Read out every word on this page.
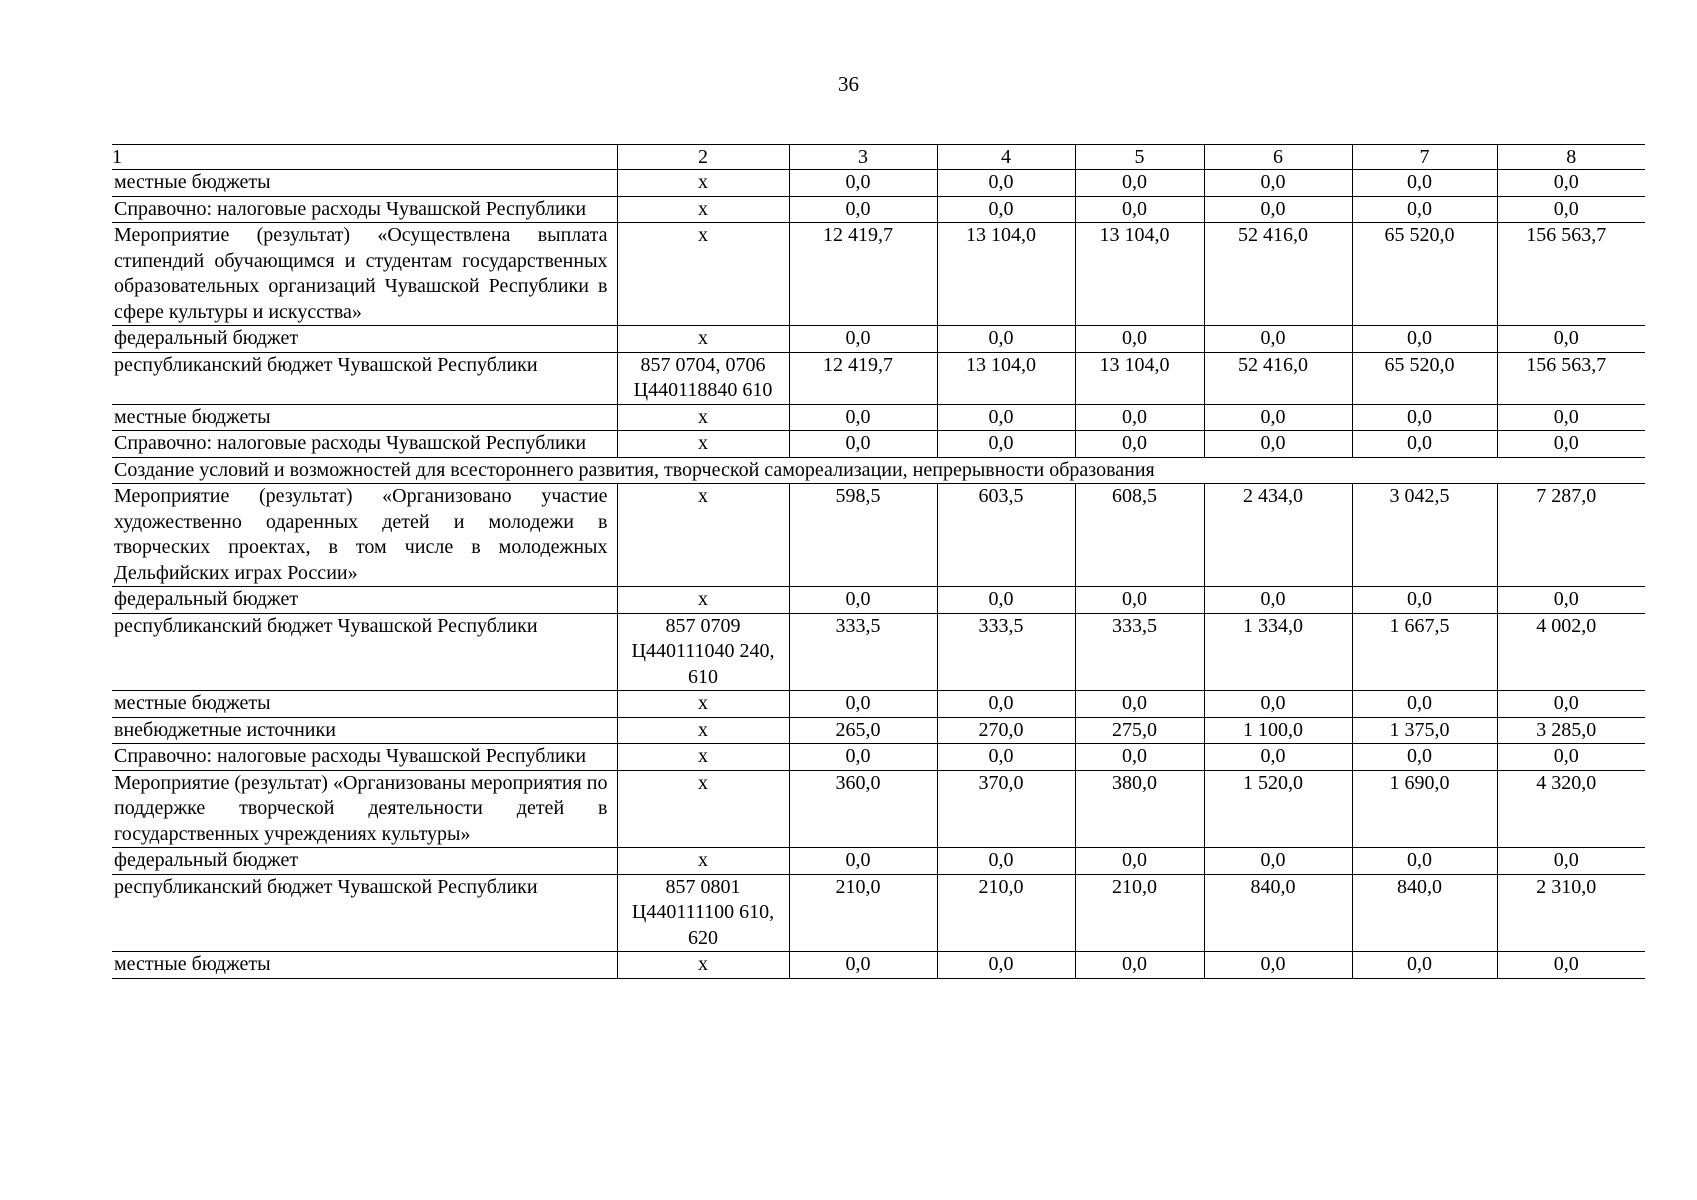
36
1	2	3	4	5	6	7	8
местные бюджеты	х	0,0	0,0	0,0	0,0	0,0	0,0
Справочно: налоговые расходы Чувашской Республики	х	0,0	0,0	0,0	0,0	0,0	0,0
Мероприятие (результат) «Осуществлена выплата стипендий обучающимся и студентам государственных образовательных организаций Чувашской Республики в сфере культуры и искусства»	х	12 419,7	13 104,0	13 104,0	52 416,0	65 520,0	156 563,7
федеральный бюджет	х	0,0	0,0	0,0	0,0	0,0	0,0
республиканский бюджет Чувашской Республики	857 0704, 0706 Ц440118840 610	12 419,7	13 104,0	13 104,0	52 416,0	65 520,0	156 563,7
местные бюджеты	х	0,0	0,0	0,0	0,0	0,0	0,0
Справочно: налоговые расходы Чувашской Республики	х	0,0	0,0	0,0	0,0	0,0	0,0
Создание условий и возможностей для всестороннего развития, творческой самореализации, непрерывности образования							
Мероприятие (результат) «Организовано участие художественно одаренных детей и молодежи в творческих проектах, в том числе в молодежных Дельфийских играх России»	х	598,5	603,5	608,5	2 434,0	3 042,5	7 287,0
федеральный бюджет	х	0,0	0,0	0,0	0,0	0,0	0,0
республиканский бюджет Чувашской Республики	857 0709 Ц440111040 240, 610	333,5	333,5	333,5	1 334,0	1 667,5	4 002,0
местные бюджеты	х	0,0	0,0	0,0	0,0	0,0	0,0
внебюджетные источники	х	265,0	270,0	275,0	1 100,0	1 375,0	3 285,0
Справочно: налоговые расходы Чувашской Республики	х	0,0	0,0	0,0	0,0	0,0	0,0
Мероприятие (результат) «Организованы мероприятия по поддержке творческой деятельности детей в государственных учреждениях культуры»	х	360,0	370,0	380,0	1 520,0	1 690,0	4 320,0
федеральный бюджет	х	0,0	0,0	0,0	0,0	0,0	0,0
республиканский бюджет Чувашской Республики	857 0801 Ц440111100 610, 620	210,0	210,0	210,0	840,0	840,0	2 310,0
местные бюджеты	х	0,0	0,0	0,0	0,0	0,0	0,0
